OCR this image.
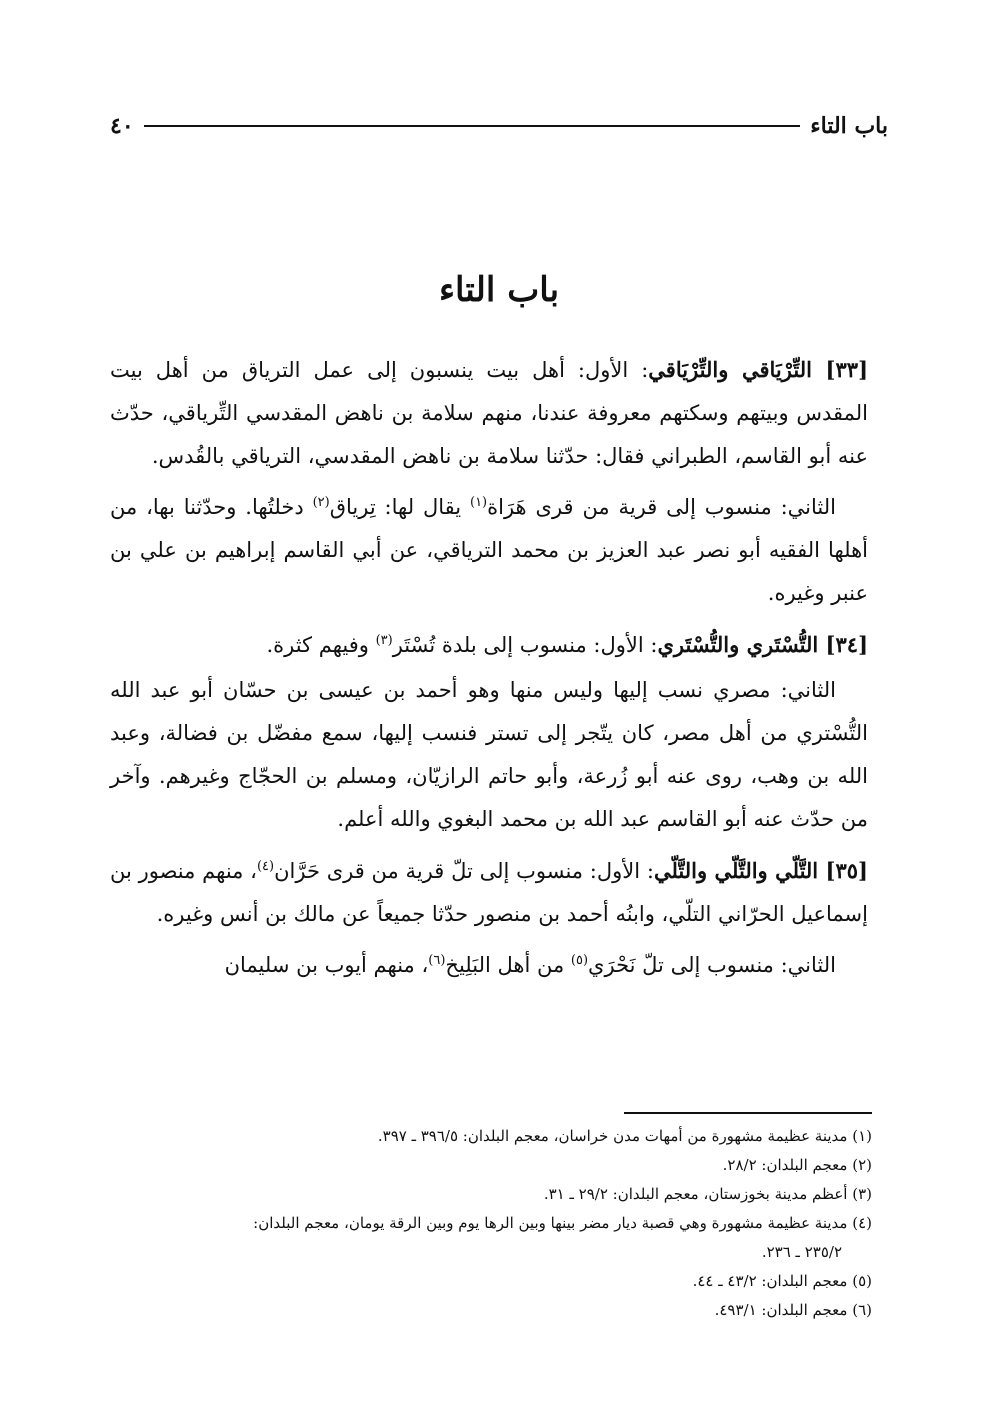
باب التاء
٤٠
باب التاء

[٣٣] التِّرْيَاقي والتِّرْيَاقي: الأول: أهل بيت ينسبون إلى عمل الترياق من أهل بيت المقدس وبيتهم وسكتهم معروفة عندنا، منهم سلامة بن ناهض المقدسي التِّرياقي، حدّث عنه أبو القاسم، الطبراني فقال: حدّثنا سلامة بن ناهض المقدسي، الترياقي بالقُدس.

الثاني: منسوب إلى قرية من قرى هَرَاة$^{(١)}$ يقال لها: تِرياق$^{(٢)}$ دخلتُها. وحدّثنا بها، من أهلها الفقيه أبو نصر عبد العزيز بن محمد الترياقي، عن أبي القاسم إبراهيم بن علي بن عنبر وغيره.

[٣٤] التُّسْتَري والتُّسْتَري: الأول: منسوب إلى بلدة تُسْتَر$^{(٣)}$ وفيهم كثرة.

الثاني: مصري نسب إليها وليس منها وهو أحمد بن عيسى بن حسّان أبو عبد الله التُّسْتري من أهل مصر، كان يتّجر إلى تستر فنسب إليها، سمع مفضّل بن فضالة، وعبد الله بن وهب، روى عنه أبو زُرعة، وأبو حاتم الرازيّان، ومسلم بن الحجّاج وغيرهم. وآخر من حدّث عنه أبو القاسم عبد الله بن محمد البغوي والله أعلم.

[٣٥] التَّلّي والتَّلّي والتَّلّي: الأول: منسوب إلى تلّ قرية من قرى حَرَّان$^{(٤)}$، منهم منصور بن إسماعيل الحرّاني التلّي، وابنُه أحمد بن منصور حدّثا جميعاً عن مالك بن أنس وغيره.

الثاني: منسوب إلى تلّ نَحْرَي$^{(٥)}$ من أهل البَلِيخ$^{(٦)}$، منهم أيوب بن سليمان

(١) مدينة عظيمة مشهورة من أمهات مدن خراسان، معجم البلدان: ٣٩٦/٥ ـ ٣٩٧.

(٢) معجم البلدان: ٢٨/٢.

(٣) أعظم مدينة بخوزستان، معجم البلدان: ٢٩/٢ ـ ٣١.

(٤) مدينة عظيمة مشهورة وهي قصبة ديار مضر بينها وبين الرها يوم وبين الرقة يومان، معجم البلدان:
٢٣٥/٢ ـ ٢٣٦.

(٥) معجم البلدان: ٤٣/٢ ـ ٤٤.

(٦) معجم البلدان: ٤٩٣/١.
